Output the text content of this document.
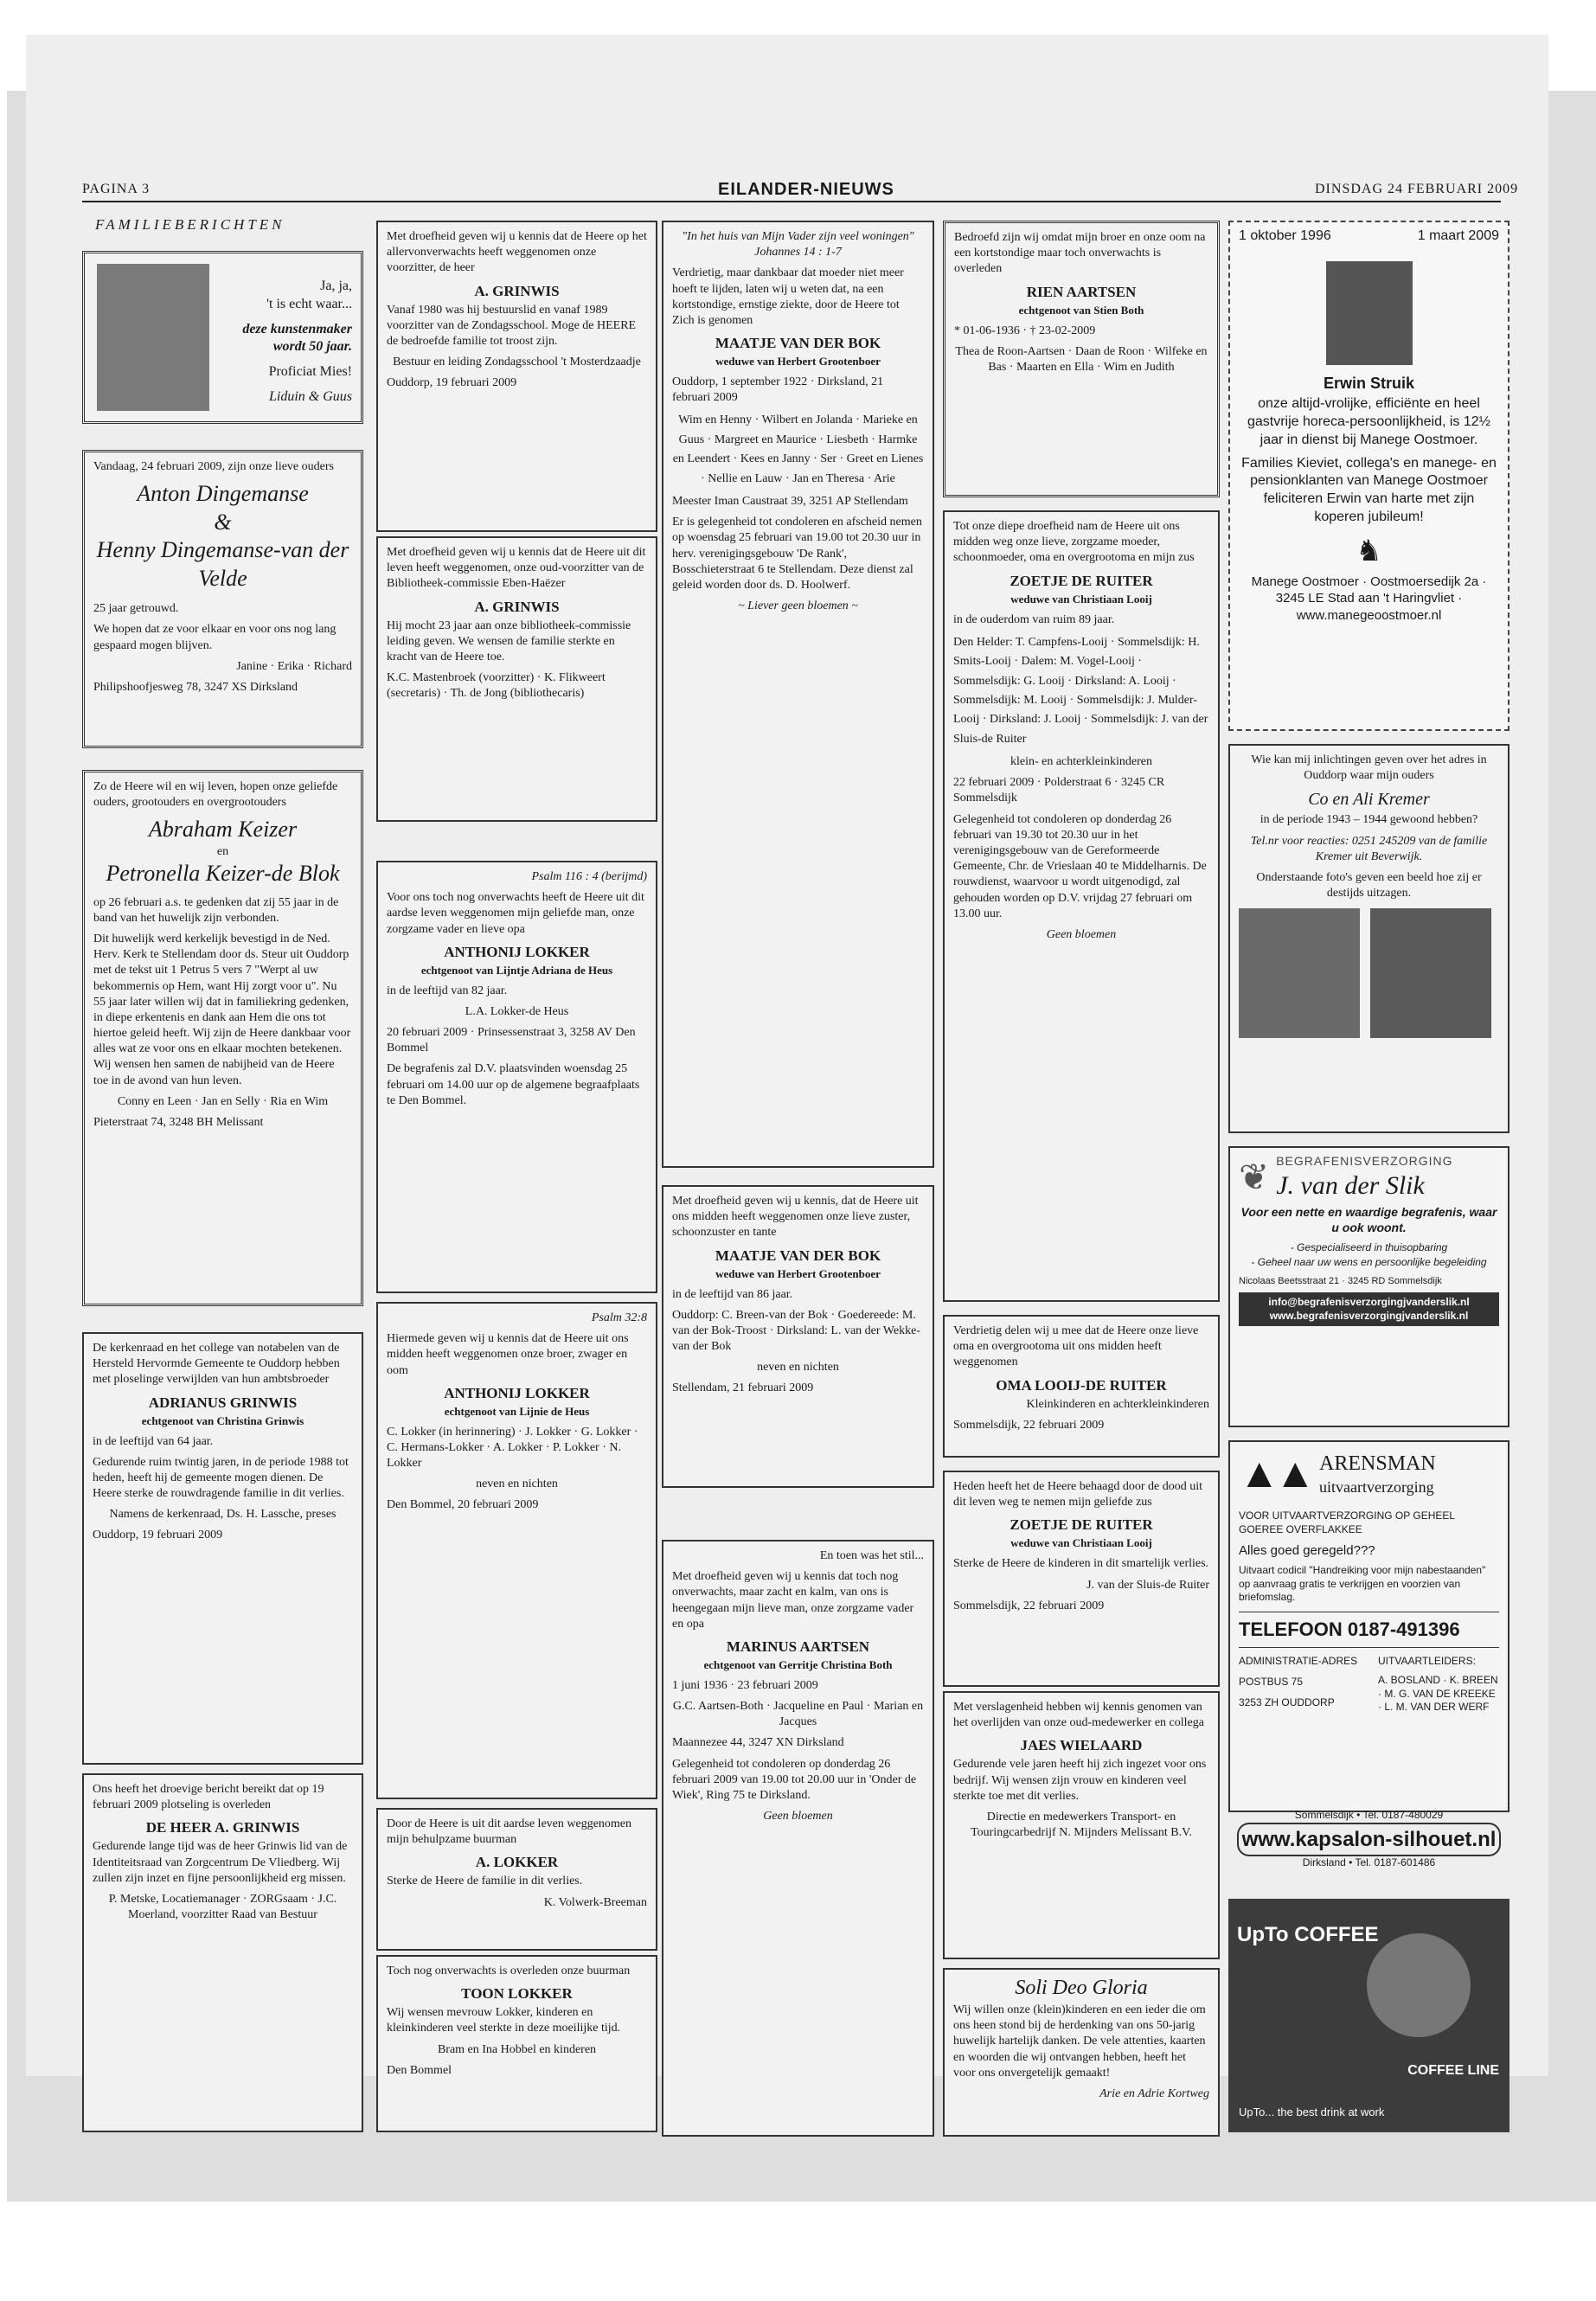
PAGINA 3	EILANDER-NIEUWS	DINSDAG 24 FEBRUARI 2009
FAMILIEBERICHTEN
Ja, ja,
't is echt waar...
deze kunstenmaker wordt 50 jaar.
Proficiat Mies!
Liduin & Guus

Vandaag, 24 februari 2009, zijn onze lieve ouders

Anton Dingemanse
&
Henny Dingemanse-van der Velde

25 jaar getrouwd.

We hopen dat ze voor elkaar en voor ons nog lang gespaard mogen blijven.

Janine · Erika · Richard

Philipshoofjesweg 78, 3247 XS Dirksland

Zo de Heere wil en wij leven, hopen onze geliefde ouders, grootouders en overgrootouders

Abraham Keizer
en
Petronella Keizer-de Blok

op 26 februari a.s. te gedenken dat zij 55 jaar in de band van het huwelijk zijn verbonden.

Dit huwelijk werd kerkelijk bevestigd in de Ned. Herv. Kerk te Stellendam door ds. Steur uit Ouddorp met de tekst uit 1 Petrus 5 vers 7 "Werpt al uw bekommernis op Hem, want Hij zorgt voor u". Nu 55 jaar later willen wij dat in familiekring gedenken, in diepe erkentenis en dank aan Hem die ons tot hiertoe geleid heeft. Wij zijn de Heere dankbaar voor alles wat ze voor ons en elkaar mochten betekenen. Wij wensen hen samen de nabijheid van de Heere toe in de avond van hun leven.

Conny en Leen · Jan en Selly · Ria en Wim

Pieterstraat 74, 3248 BH Melissant

De kerkenraad en het college van notabelen van de Hersteld Hervormde Gemeente te Ouddorp hebben met ploselinge verwijlden van hun ambtsbroeder

ADRIANUS GRINWIS
echtgenoot van Christina Grinwis

in de leeftijd van 64 jaar.

Gedurende ruim twintig jaren, in de periode 1988 tot heden, heeft hij de gemeente mogen dienen. De Heere sterke de rouwdragende familie in dit verlies.

Namens de kerkenraad, Ds. H. Lassche, preses

Ouddorp, 19 februari 2009

Ons heeft het droevige bericht bereikt dat op 19 februari 2009 plotseling is overleden

DE HEER A. GRINWIS

Gedurende lange tijd was de heer Grinwis lid van de Identiteitsraad van Zorgcentrum De Vliedberg. Wij zullen zijn inzet en fijne persoonlijkheid erg missen.

P. Metske, Locatiemanager · ZORGsaam · J.C. Moerland, voorzitter Raad van Bestuur

Met droefheid geven wij u kennis dat de Heere op het allervonverwachts heeft weggenomen onze voorzitter, de heer

A. GRINWIS

Vanaf 1980 was hij bestuurslid en vanaf 1989 voorzitter van de Zondagsschool. Moge de HEERE de bedroefde familie tot troost zijn.

Bestuur en leiding Zondagsschool 't Mosterdzaadje

Ouddorp, 19 februari 2009

Met droefheid geven wij u kennis dat de Heere uit dit leven heeft weggenomen, onze oud-voorzitter van de Bibliotheek-commissie Eben-Haëzer

A. GRINWIS

Hij mocht 23 jaar aan onze bibliotheek-commissie leiding geven. We wensen de familie sterkte en kracht van de Heere toe.

K.C. Mastenbroek (voorzitter) · K. Flikweert (secretaris) · Th. de Jong (bibliothecaris)

Psalm 116 : 4 (berijmd)

Voor ons toch nog onverwachts heeft de Heere uit dit aardse leven weggenomen mijn geliefde man, onze zorgzame vader en lieve opa

ANTHONIJ LOKKER
echtgenoot van Lijntje Adriana de Heus

in de leeftijd van 82 jaar.

L.A. Lokker-de Heus

20 februari 2009 · Prinsessenstraat 3, 3258 AV Den Bommel

De begrafenis zal D.V. plaatsvinden woensdag 25 februari om 14.00 uur op de algemene begraafplaats te Den Bommel.

Psalm 32:8

Hiermede geven wij u kennis dat de Heere uit ons midden heeft weggenomen onze broer, zwager en oom

ANTHONIJ LOKKER
echtgenoot van Lijnie de Heus

C. Lokker (in herinnering) · J. Lokker · G. Lokker · C. Hermans-Lokker · A. Lokker · P. Lokker · N. Lokker

neven en nichten

Den Bommel, 20 februari 2009

Door de Heere is uit dit aardse leven weggenomen mijn behulpzame buurman

A. LOKKER

Sterke de Heere de familie in dit verlies.

K. Volwerk-Breeman

Toch nog onverwachts is overleden onze buurman

TOON LOKKER

Wij wensen mevrouw Lokker, kinderen en kleinkinderen veel sterkte in deze moeilijke tijd.

Bram en Ina Hobbel en kinderen

Den Bommel

"In het huis van Mijn Vader zijn veel woningen" Johannes 14 : 1-7

Verdrietig, maar dankbaar dat moeder niet meer hoeft te lijden, laten wij u weten dat, na een kortstondige, ernstige ziekte, door de Heere tot Zich is genomen

MAATJE VAN DER BOK
weduwe van Herbert Grootenboer

Ouddorp, 1 september 1922 · Dirksland, 21 februari 2009

Wim en Henny · Wilbert en Jolanda · Marieke en Guus · Margreet en Maurice · Liesbeth · Harmke en Leendert · Kees en Janny · Ser · Greet en Lienes · Nellie en Lauw · Jan en Theresa · Arie

Meester Iman Caustraat 39, 3251 AP Stellendam

Er is gelegenheid tot condoleren en afscheid nemen op woensdag 25 februari van 19.00 tot 20.30 uur in herv. verenigingsgebouw 'De Rank', Bosschieterstraat 6 te Stellendam. Deze dienst zal geleid worden door ds. D. Hoolwerf.

~ Liever geen bloemen ~

Met droefheid geven wij u kennis, dat de Heere uit ons midden heeft weggenomen onze lieve zuster, schoonzuster en tante

MAATJE VAN DER BOK
weduwe van Herbert Grootenboer

in de leeftijd van 86 jaar.

Ouddorp: C. Breen-van der Bok · Goedereede: M. van der Bok-Troost · Dirksland: L. van der Wekke-van der Bok

neven en nichten

Stellendam, 21 februari 2009

En toen was het stil...

Met droefheid geven wij u kennis dat toch nog onverwachts, maar zacht en kalm, van ons is heengegaan mijn lieve man, onze zorgzame vader en opa

MARINUS AARTSEN
echtgenoot van Gerritje Christina Both

1 juni 1936 · 23 februari 2009

G.C. Aartsen-Both · Jacqueline en Paul · Marian en Jacques

Maannezee 44, 3247 XN Dirksland

Gelegenheid tot condoleren op donderdag 26 februari 2009 van 19.00 tot 20.00 uur in 'Onder de Wiek', Ring 75 te Dirksland.

Geen bloemen

Bedroefd zijn wij omdat mijn broer en onze oom na een kortstondige maar toch onverwachts is overleden

RIEN AARTSEN
echtgenoot van Stien Both

* 01-06-1936 · † 23-02-2009

Thea de Roon-Aartsen · Daan de Roon · Wilfeke en Bas · Maarten en Ella · Wim en Judith

Tot onze diepe droefheid nam de Heere uit ons midden weg onze lieve, zorgzame moeder, schoonmoeder, oma en overgrootoma en mijn zus

ZOETJE DE RUITER
weduwe van Christiaan Looij

in de ouderdom van ruim 89 jaar.

Den Helder: T. Campfens-Looij · Sommelsdijk: H. Smits-Looij · Dalem: M. Vogel-Looij · Sommelsdijk: G. Looij · Dirksland: A. Looij · Sommelsdijk: M. Looij · Sommelsdijk: J. Mulder-Looij · Dirksland: J. Looij · Sommelsdijk: J. van der Sluis-de Ruiter

klein- en achterkleinkinderen

22 februari 2009 · Polderstraat 6 · 3245 CR Sommelsdijk

Gelegenheid tot condoleren op donderdag 26 februari van 19.30 tot 20.30 uur in het verenigingsgebouw van de Gereformeerde Gemeente, Chr. de Vrieslaan 40 te Middelharnis. De rouwdienst, waarvoor u wordt uitgenodigd, zal gehouden worden op D.V. vrijdag 27 februari om 13.00 uur.

Geen bloemen

Verdrietig delen wij u mee dat de Heere onze lieve oma en overgrootoma uit ons midden heeft weggenomen

OMA LOOIJ-DE RUITER

Kleinkinderen en achterkleinkinderen

Sommelsdijk, 22 februari 2009

Heden heeft het de Heere behaagd door de dood uit dit leven weg te nemen mijn geliefde zus

ZOETJE DE RUITER
weduwe van Christiaan Looij

Sterke de Heere de kinderen in dit smartelijk verlies.

J. van der Sluis-de Ruiter

Sommelsdijk, 22 februari 2009

Met verslagenheid hebben wij kennis genomen van het overlijden van onze oud-medewerker en collega

JAES WIELAARD

Gedurende vele jaren heeft hij zich ingezet voor ons bedrijf. Wij wensen zijn vrouw en kinderen veel sterkte toe met dit verlies.

Directie en medewerkers Transport- en Touringcarbedrijf N. Mijnders Melissant B.V.

Soli Deo Gloria

Wij willen onze (klein)kinderen en een ieder die om ons heen stond bij de herdenking van ons 50-jarig huwelijk hartelijk danken. De vele attenties, kaarten en woorden die wij ontvangen hebben, heeft het voor ons onvergetelijk gemaakt!

Arie en Adrie Kortweg

1 oktober 1996	1 maart 2009
Erwin Struik

onze altijd-vrolijke, efficiënte en heel gastvrije horeca-persoonlijkheid, is 12½ jaar in dienst bij Manege Oostmoer.

Families Kieviet, collega's en manege- en pensionklanten van Manege Oostmoer feliciteren Erwin van harte met zijn koperen jubileum!

♞

Manege Oostmoer · Oostmoersedijk 2a · 3245 LE Stad aan 't Haringvliet · www.manegeoostmoer.nl

Wie kan mij inlichtingen geven over het adres in Ouddorp waar mijn ouders

Co en Ali Kremer

in de periode 1943 – 1944 gewoond hebben?

Tel.nr voor reacties: 0251 245209 van de familie Kremer uit Beverwijk.

Onderstaande foto's geven een beeld hoe zij er destijds uitzagen.

❦ BEGRAFENISVERZORGING
J. van der Slik

Voor een nette en waardige begrafenis, waar u ook woont.

- Gespecialiseerd in thuisopbaring

- Geheel naar uw wens en persoonlijke begeleiding

Nicolaas Beetsstraat 21 · 3245 RD Sommelsdijk

info@begrafenisverzorgingjvanderslik.nl
www.begrafenisverzorgingjvanderslik.nl
▲▲ ARENSMAN
uitvaartverzorging

VOOR UITVAARTVERZORGING OP GEHEEL GOEREE OVERFLAKKEE

Alles goed geregeld???

Uitvaart codicil "Handreiking voor mijn nabestaanden" op aanvraag gratis te verkrijgen en voorzien van briefomslag.

TELEFOON 0187-491396
ADMINISTRATIE-ADRES
POSTBUS 75
3253 ZH OUDDORP
UITVAARTLEIDERS:
A. BOSLAND · K. BREEN · M. G. VAN DE KREEKE · L. M. VAN DER WERF
Sommelsdijk • Tel. 0187-480029
www.kapsalon-silhouet.nl
Dirksland • Tel. 0187-601486
UpTo COFFEE
COFFEE LINE
UpTo... the best drink at work
